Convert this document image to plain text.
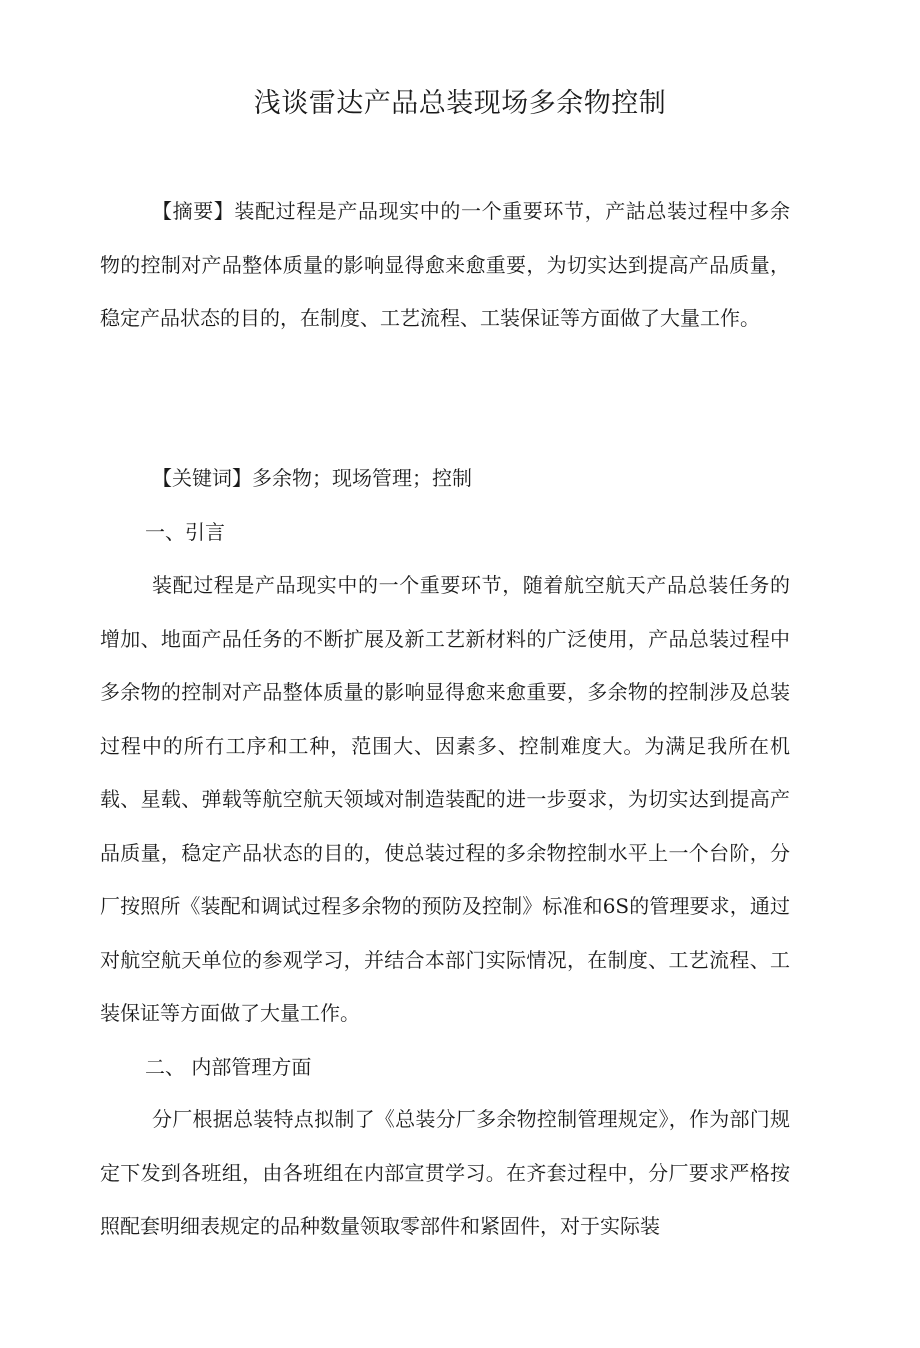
浅谈雷达产品总装现场多余物控制
【摘要】装配过程是产品现实中的一个重要环节，产詁总装过程中多余物的控制对产品整体质量的影响显得愈来愈重要，为切实达到提高产品质量，稳定产品状态的目的，在制度、工艺流程、工装保证等方面做了大量工作。
【关键词】多余物；现场管理；控制
一、引言
装配过程是产品现实中的一个重要环节，随着航空航天产品总装任务的增加、地面产品任务的不断扩展及新工艺新材料的广泛使用，产品总装过程中多余物的控制对产品整体质量的影响显得愈来愈重要，多余物的控制涉及总装过程中的所冇工序和工种，范围大、因素多、控制难度大。为满足我所在机载、星载、弹载等航空航天领域对制造装配的进一步耍求，为切实达到提高产品质量，稳定产品状态的目的，使总装过程的多余物控制水平上一个台阶，分厂按照所《装配和调试过程多余物的预防及控制》标准和6S的管理要求，通过对航空航天单位的参观学习，并结合本部门实际情况，在制度、工艺流程、工装保证等方面做了大量工作。
二、 内部管理方面
分厂根据总装特点拟制了《总装分厂多余物控制管理规定》，作为部门规定下发到各班组，由各班组在内部宣贯学习。在齐套过程中，分厂要求严格按照配套明细表规定的品种数量领取零部件和紧固件，对于实际装
